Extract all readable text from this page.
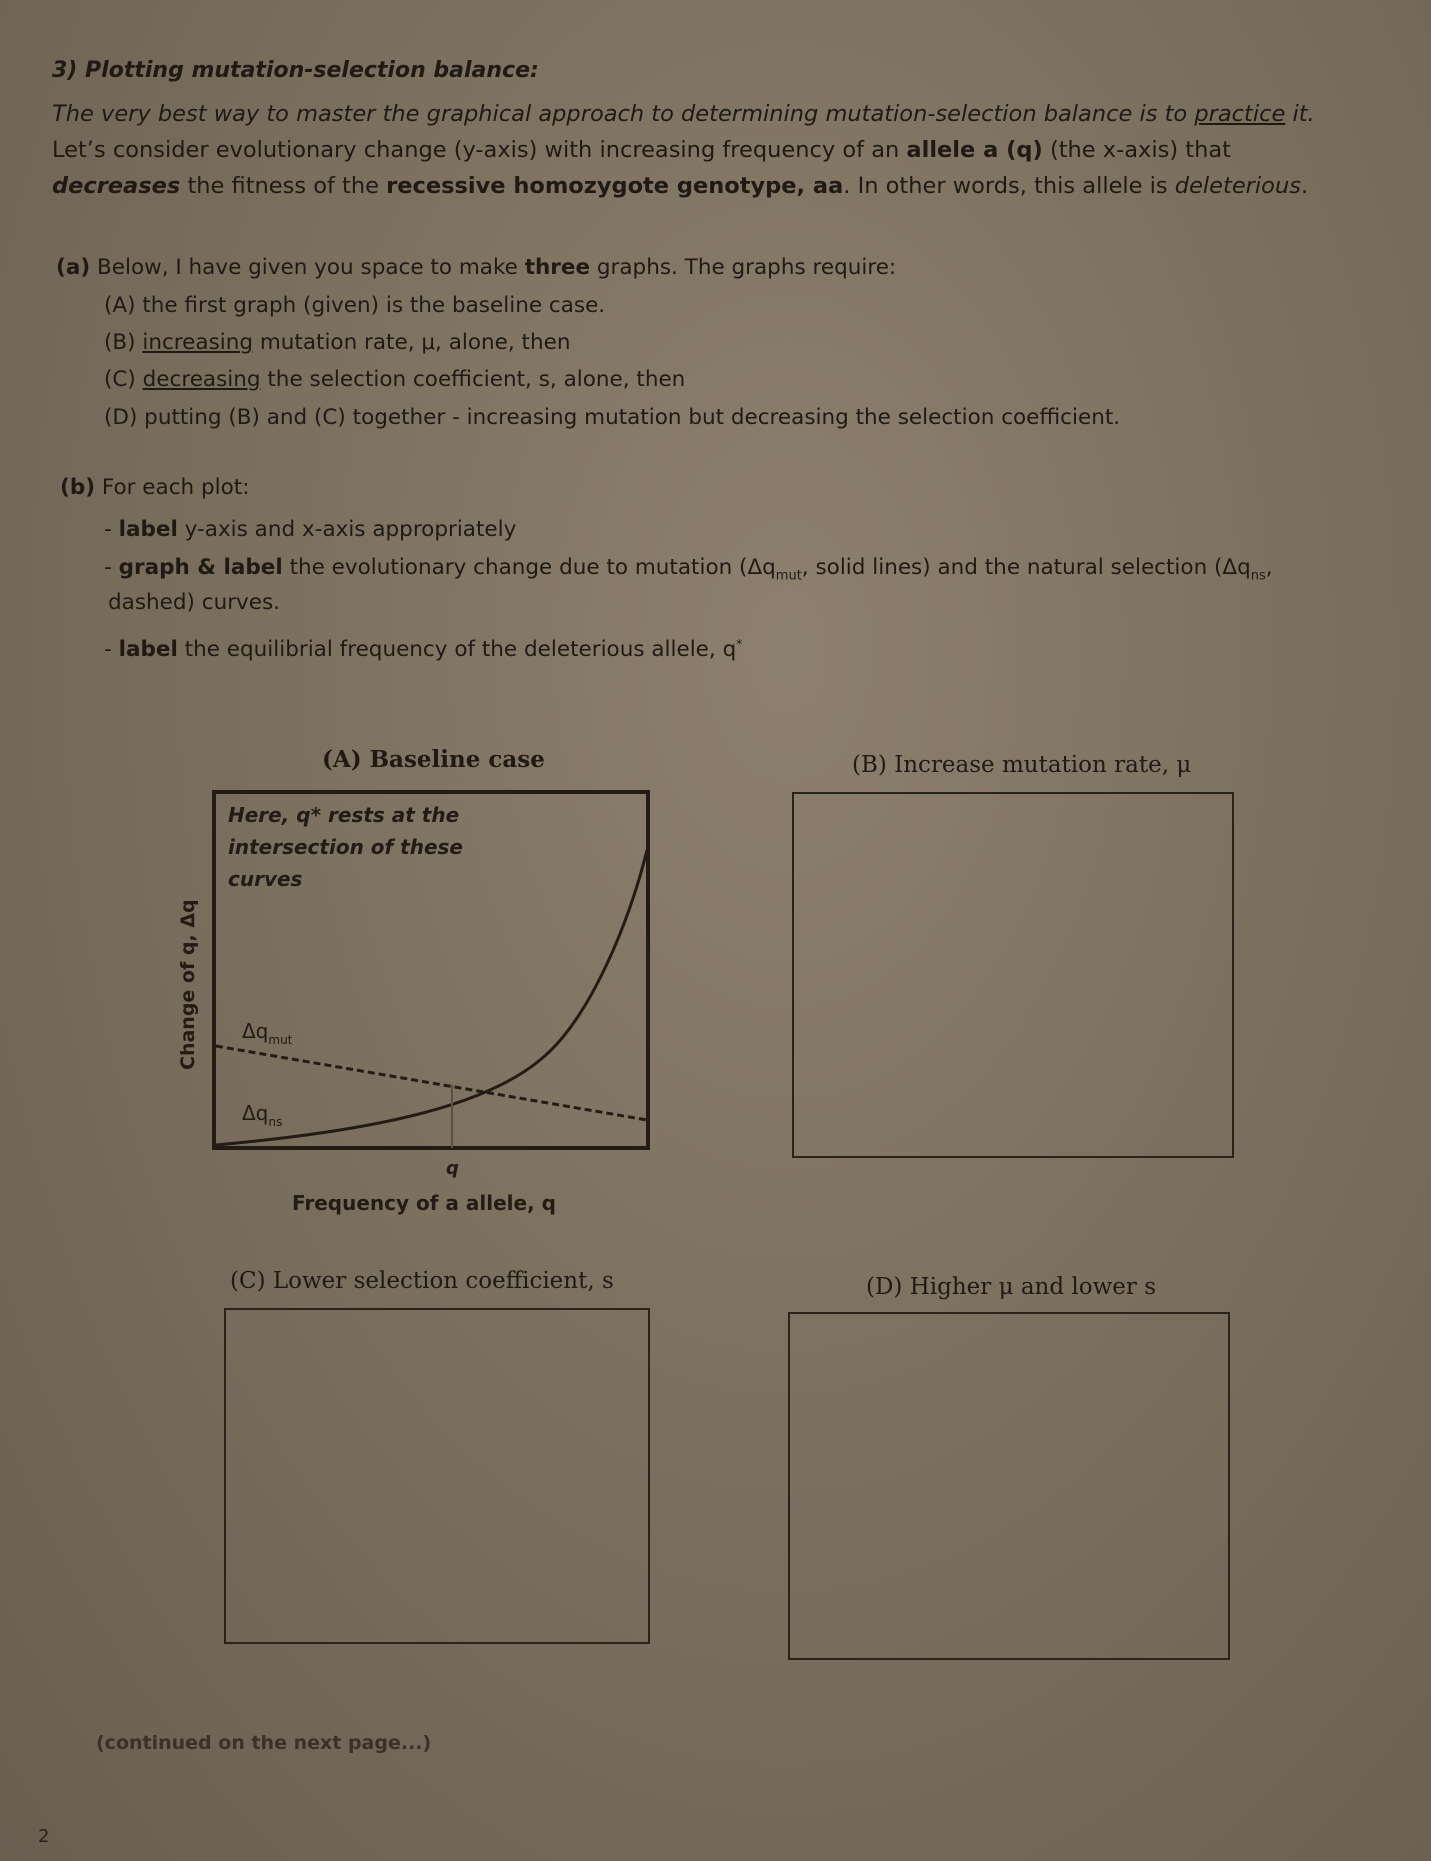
3) Plotting mutation-selection balance:
The very best way to master the graphical approach to determining mutation-selection balance is to practice it.
Let’s consider evolutionary change (y-axis) with increasing frequency of an allele a (q) (the x-axis) that
decreases the fitness of the recessive homozygote genotype, aa. In other words, this allele is deleterious.
(a) Below, I have given you space to make three graphs. The graphs require:
(A) the first graph (given) is the baseline case.
(B) increasing mutation rate, μ, alone, then
(C) decreasing the selection coefficient, s, alone, then
(D) putting (B) and (C) together - increasing mutation but decreasing the selection coefficient.
(b) For each plot:
- label y-axis and x-axis appropriately
- graph & label the evolutionary change due to mutation ($\Delta q_{mut}$, solid lines) and the natural selection ($\Delta q_{ns}$,
dashed) curves.
- label the equilibrial frequency of the deleterious allele, q*
(A) Baseline case
Here, q* rests at the
intersection of these
curves
$\Delta q_{mut}$
$\Delta q_{ns}$
q
Frequency of a allele, q
Change of q, Δq
(B) Increase mutation rate, μ
(C) Lower selection coefficient, s	(D) Higher μ and lower s
(continued on the next page...)
2
